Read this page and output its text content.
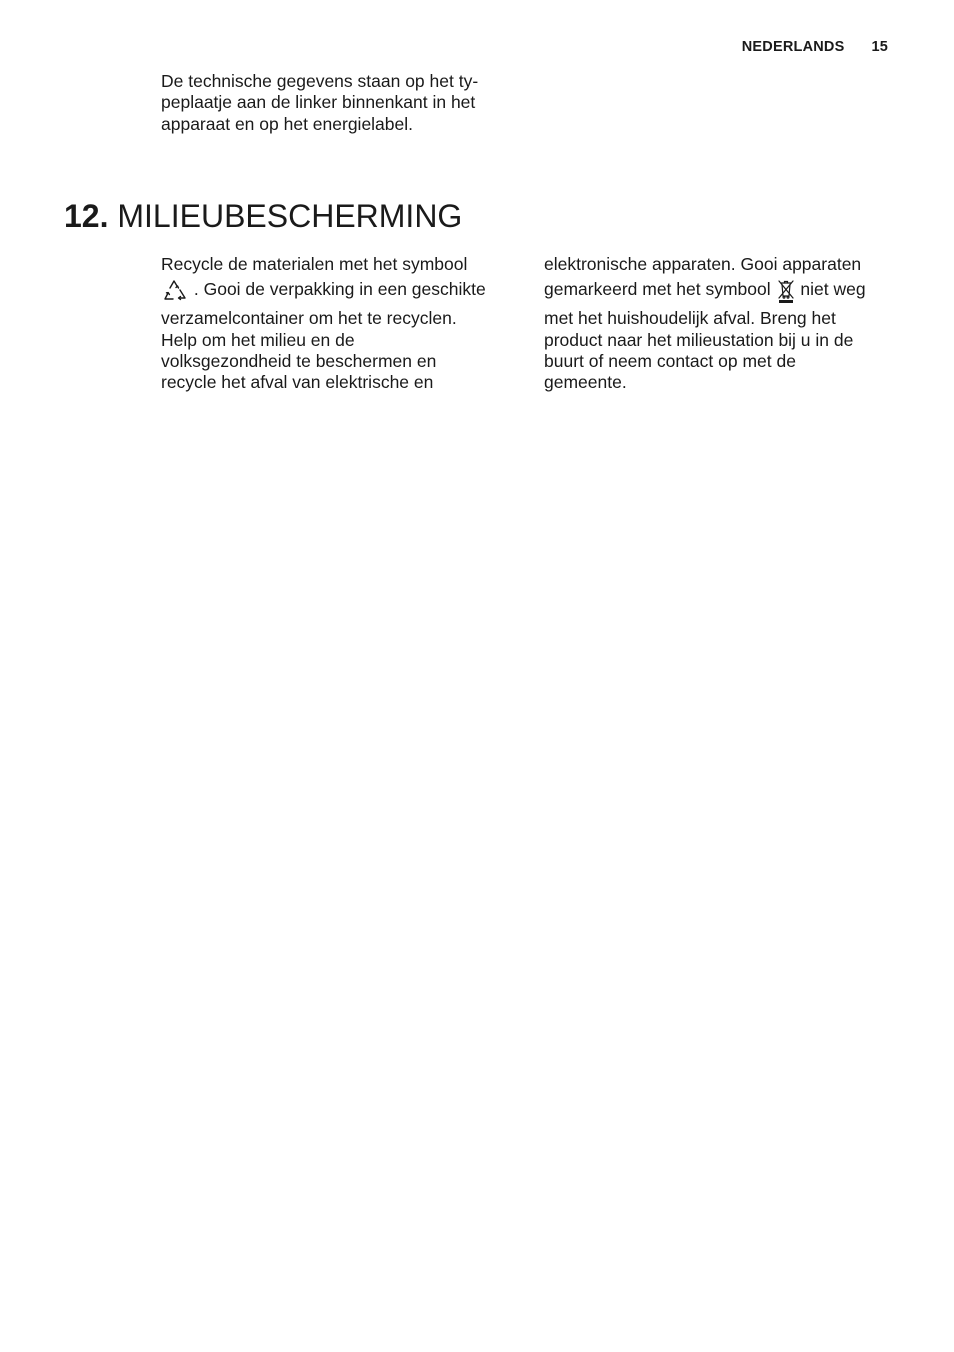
NEDERLANDS 15
De technische gegevens staan op het ty-
peplaatje aan de linker binnenkant in het
apparaat en op het energielabel.
12. MILIEUBESCHERMING
Recycle de materialen met het symbool
. Gooi de verpakking in een geschikte
verzamelcontainer om het te recyclen.
Help om het milieu en de
volksgezondheid te beschermen en
recycle het afval van elektrische en
elektronische apparaten. Gooi apparaten
gemarkeerd met het symbool niet weg
met het huishoudelijk afval. Breng het
product naar het milieustation bij u in de
buurt of neem contact op met de
gemeente.
